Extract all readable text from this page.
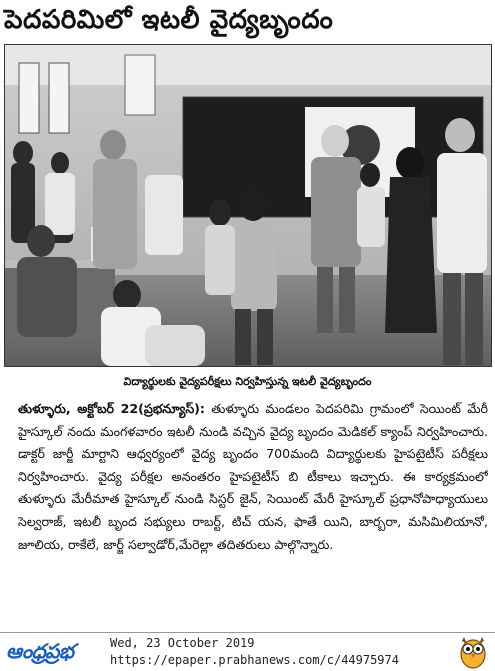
పెదపరిమిలో ఇటలీ వైద్యబృందం
విద్యార్థులకు వైద్యపరీక్షలు నిర్వహిస్తున్న ఇటలీ వైద్యబృందం
తుళ్ళూరు, అక్టోబర్ 22(ప్రభన్యూస్): తుళ్ళూరు మండలం పెదపరిమి గ్రామంలో సెయింట్ మేరీ హైస్కూల్ నందు మంగళవారం ఇటలీ నుండి వచ్చిన వైద్య బృందం మెడికల్ క్యాంప్ నిర్వహించారు. డాక్టర్ జార్జీ మార్టాని ఆధ్వర్యంలో వైద్య బృందం 700మంది విద్యార్థులకు హైపటైటీస్ పరీక్షలు నిర్వహించారు. వైద్య పరీక్షల అనంతరం హైపటైటీస్ బి టీకాలు ఇచ్చారు. ఈ కార్యక్రమంలో తుళ్ళూరు మేరీమాత హైస్కూల్ నుండి సిస్టర్ జైన్, సెయింట్ మేరీ హైస్కూల్ ప్రధానోపాధ్యాయులు సెల్వరాజ్, ఇటలీ బృంద సభ్యులు రాబర్ట్, టిచ్ యన, ఫాతే యిని, బార్బరా, మసిమిలియానో, జూలియ, రాకేలే, జార్జ్ సల్వాడోర్,మేరెల్లా తదితరులు పాల్గొన్నారు.
ఆంధ్రప్రభ	Wed, 23 October 2019
https://epaper.prabhanews.com/c/44975974
